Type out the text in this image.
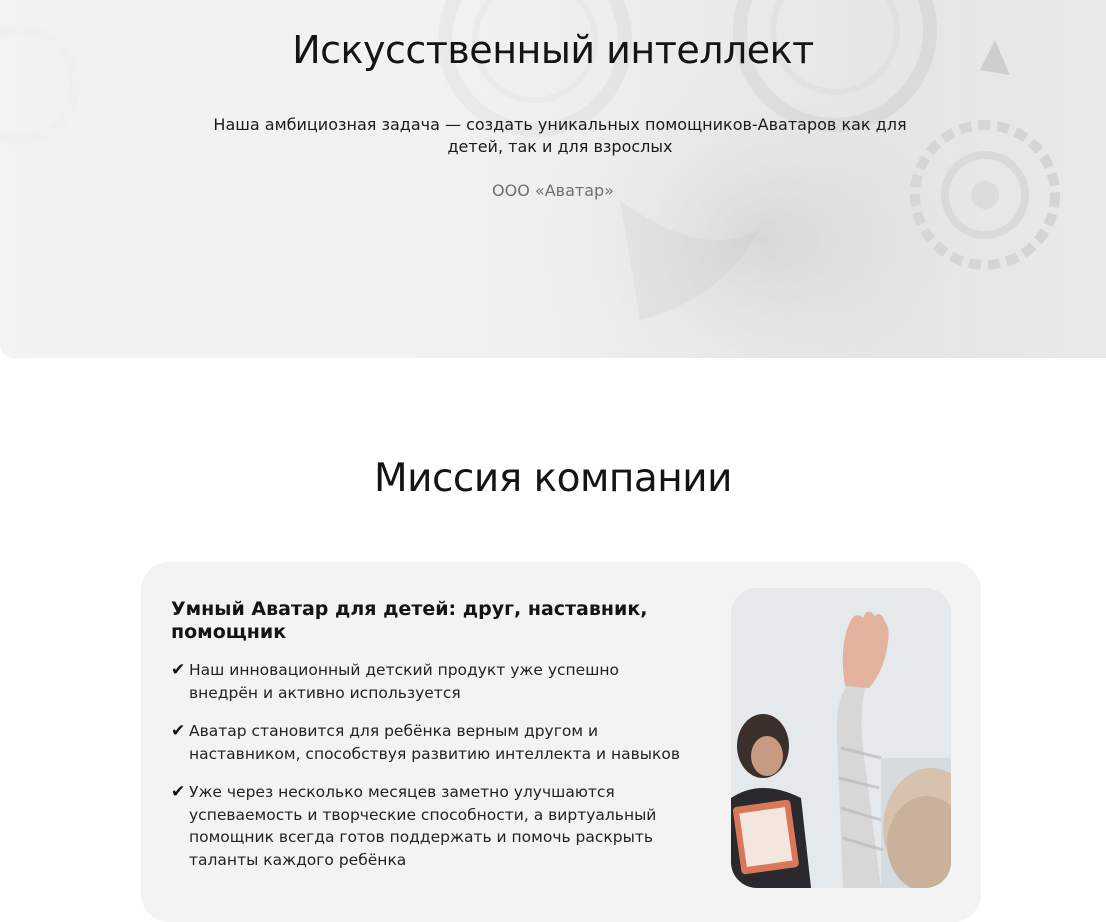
Искусственный интеллект

Наша амбициозная задача — создать уникальных помощников-Аватаров как для детей, так и для взрослых

ООО «Аватар»

Миссия компании
Умный Аватар для детей: друг, наставник, помощник
✔ Наш инновационный детский продукт уже успешно внедрён и активно используется
✔ Аватар становится для ребёнка верным другом и наставником, способствуя развитию интеллекта и навыков
✔ Уже через несколько месяцев заметно улучшаются успеваемость и творческие способности, а виртуальный помощник всегда готов поддержать и помочь раскрыть таланты каждого ребёнка
